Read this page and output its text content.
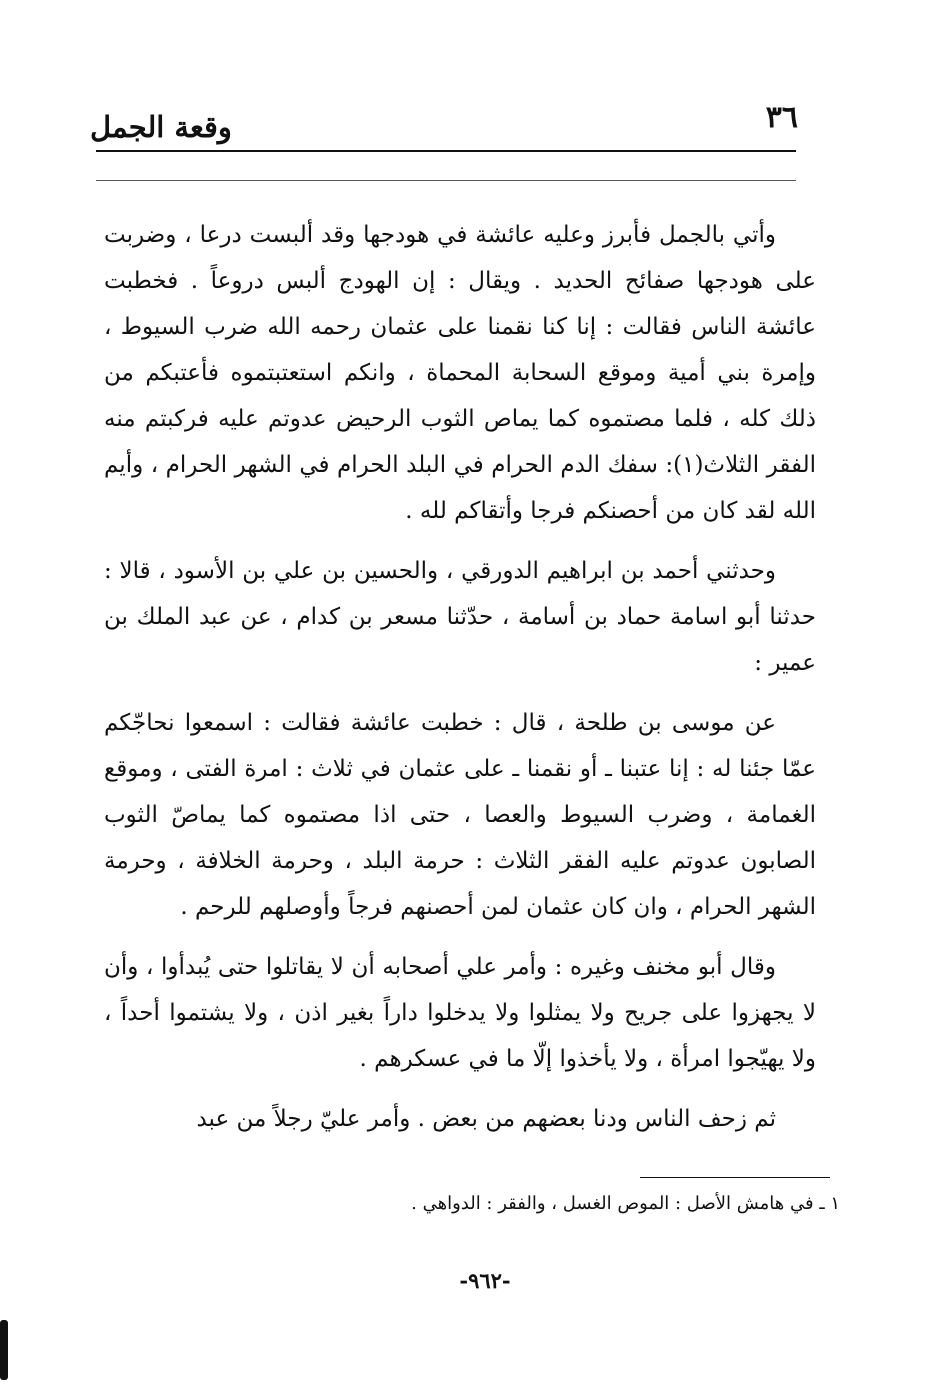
٣٦
وقعة الجمل

وأتي بالجمل فأبرز وعليه عائشة في هودجها وقد ألبست درعا ، وضربت على هودجها صفائح الحديد . ويقال : إن الهودج ألبس دروعاً . فخطبت عائشة الناس فقالت : إنا كنا نقمنا على عثمان رحمه الله ضرب السيوط ، وإمرة بني أمية وموقع السحابة المحماة ، وانكم استعتبتموه فأعتبكم من ذلك كله ، فلما مصتموه كما يماص الثوب الرحيض عدوتم عليه فركبتم منه الفقر الثلاث(١): سفك الدم الحرام في البلد الحرام في الشهر الحرام ، وأيم الله لقد كان من أحصنكم فرجا وأتقاكم لله .

وحدثني أحمد بن ابراهيم الدورقي ، والحسين بن علي بن الأسود ، قالا : حدثنا أبو اسامة حماد بن أسامة ، حدّثنا مسعر بن كدام ، عن عبد الملك بن عمير :

عن موسى بن طلحة ، قال : خطبت عائشة فقالت : اسمعوا نحاجّكم عمّا جئنا له : إنا عتبنا ـ أو نقمنا ـ على عثمان في ثلاث : امرة الفتى ، وموقع الغمامة ، وضرب السيوط والعصا ، حتى اذا مصتموه كما يماصّ الثوب الصابون عدوتم عليه الفقر الثلاث : حرمة البلد ، وحرمة الخلافة ، وحرمة الشهر الحرام ، وان كان عثمان لمن أحصنهم فرجاً وأوصلهم للرحم .

وقال أبو مخنف وغيره : وأمر علي أصحابه أن لا يقاتلوا حتى يُبدأوا ، وأن لا يجهزوا على جريح ولا يمثلوا ولا يدخلوا داراً بغير اذن ، ولا يشتموا أحداً ، ولا يهيّجوا امرأة ، ولا يأخذوا إلّا ما في عسكرهم .

ثم زحف الناس ودنا بعضهم من بعض . وأمر عليّ رجلاً من عبد

١ ـ في هامش الأصل : الموص الغسل ، والفقر : الدواهي .
-٩٦٢-
